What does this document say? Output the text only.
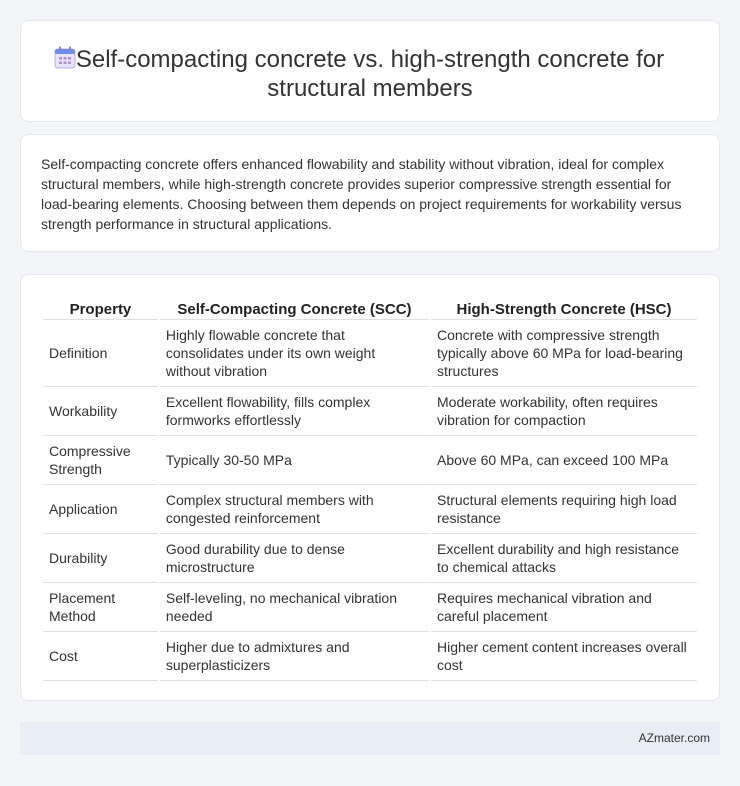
Self-compacting concrete vs. high-strength concrete for structural members

Self-compacting concrete offers enhanced flowability and stability without vibration, ideal for complex structural members, while high-strength concrete provides superior compressive strength essential for load-bearing elements. Choosing between them depends on project requirements for workability versus strength performance in structural applications.

Property	Self-Compacting Concrete (SCC)	High-Strength Concrete (HSC)
Definition	Highly flowable concrete that consolidates under its own weight without vibration	Concrete with compressive strength typically above 60 MPa for load-bearing structures
Workability	Excellent flowability, fills complex formworks effortlessly	Moderate workability, often requires vibration for compaction
Compressive Strength	Typically 30-50 MPa	Above 60 MPa, can exceed 100 MPa
Application	Complex structural members with congested reinforcement	Structural elements requiring high load resistance
Durability	Good durability due to dense microstructure	Excellent durability and high resistance to chemical attacks
Placement Method	Self-leveling, no mechanical vibration needed	Requires mechanical vibration and careful placement
Cost	Higher due to admixtures and superplasticizers	Higher cement content increases overall cost
AZmater.com
